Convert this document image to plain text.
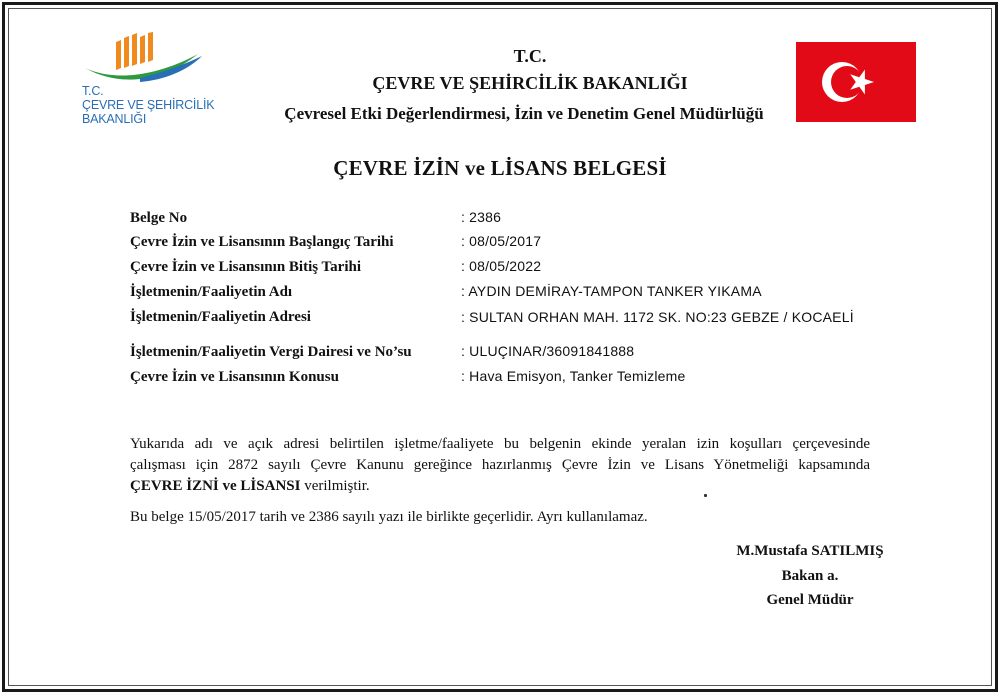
T.C.
ÇEVRE VE ŞEHİRCİLİK
BAKANLIĞI
T.C.
ÇEVRE VE ŞEHİRCİLİK BAKANLIĞI
Çevresel Etki Değerlendirmesi, İzin ve Denetim Genel Müdürlüğü
ÇEVRE İZİN ve LİSANS BELGESİ
Belge No	: 2386
Çevre İzin ve Lisansının Başlangıç Tarihi	: 08/05/2017
Çevre İzin ve Lisansının Bitiş Tarihi	: 08/05/2022
İşletmenin/Faaliyetin Adı	: AYDIN DEMİRAY-TAMPON TANKER YIKAMA
İşletmenin/Faaliyetin Adresi	: SULTAN ORHAN MAH. 1172 SK. NO:23 GEBZE / KOCAELİ
İşletmenin/Faaliyetin Vergi Dairesi ve No’su	: ULUÇINAR/36091841888
Çevre İzin ve Lisansının Konusu	: Hava Emisyon, Tanker Temizleme
Yukarıda adı ve açık adresi belirtilen işletme/faaliyete bu belgenin ekinde yeralan izin koşulları çerçevesinde
çalışması için 2872 sayılı Çevre Kanunu gereğince hazırlanmış Çevre İzin ve Lisans Yönetmeliği kapsamında
ÇEVRE İZNİ ve LİSANSI verilmiştir.
Bu belge 15/05/2017 tarih ve 2386 sayılı yazı ile birlikte geçerlidir. Ayrı kullanılamaz.
M.Mustafa SATILMIŞ
Bakan a.
Genel Müdür
